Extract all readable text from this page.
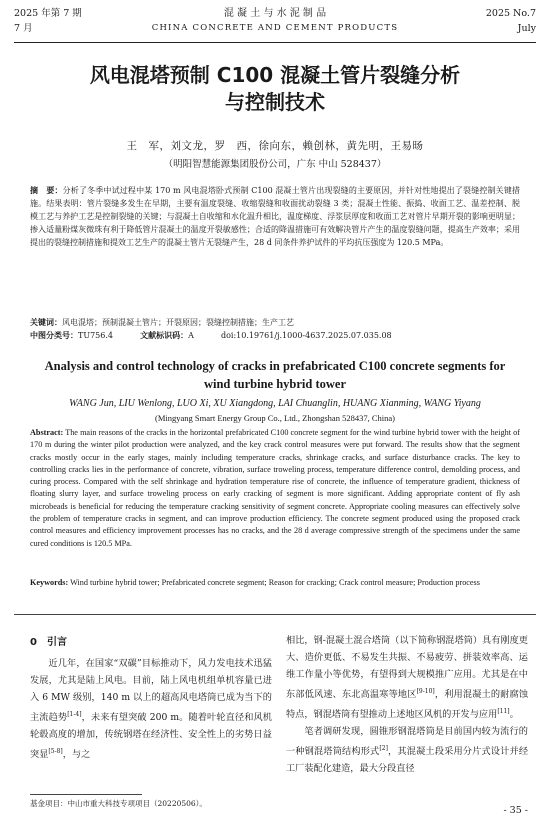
2025 年第 7 期
7 月
混 凝 土 与 水 泥 制 品
CHINA CONCRETE AND CEMENT PRODUCTS
2025 No.7
July
风电混塔预制 C100 混凝土管片裂缝分析
与控制技术
王　军，刘文龙，罗　西，徐向东，赖创林，黄先明，王易旸
（明阳智慧能源集团股份公司，广东 中山 528437）
摘　要：分析了冬季中试过程中某 170 m 风电混塔卧式预制 C100 混凝土管片出现裂缝的主要原因，并针对性地提出了裂缝控制关键措施。结果表明：管片裂缝多发生在早期，主要有温度裂缝、收缩裂缝和收面扰动裂缝 3 类；混凝土性能、振捣、收面工艺、温差控制、脱模工艺与养护工艺是控制裂缝的关键；与混凝土自收缩和水化温升相比，温度梯度、浮浆层厚度和收面工艺对管片早期开裂的影响更明显；掺入适量粉煤灰微珠有利于降低管片混凝土的温度开裂敏感性；合适的降温措施可有效解决管片产生的温度裂缝问题，提高生产效率；采用提出的裂缝控制措施和提效工艺生产的混凝土管片无裂缝产生，28 d 同条件养护试件的平均抗压强度为 120.5 MPa。
关键词：风电混塔；预制混凝土管片；开裂原因；裂缝控制措施；生产工艺
中图分类号：TU756.4	文献标识码：A	doi:10.19761/j.1000-4637.2025.07.035.08
Analysis and control technology of cracks in prefabricated C100 concrete segments for
wind turbine hybrid tower
WANG Jun, LIU Wenlong, LUO Xi, XU Xiangdong, LAI Chuanglin, HUANG Xianming, WANG Yiyang
(Mingyang Smart Energy Group Co., Ltd., Zhongshan 528437, China)
Abstract: The main reasons of the cracks in the horizontal prefabricated C100 concrete segment for the wind turbine hybrid tower with the height of 170 m during the winter pilot production were analyzed, and the key crack control measures were put forward. The results show that the segment cracks mostly occur in the early stages, mainly including temperature cracks, shrinkage cracks, and surface disturbance cracks. The key to controlling cracks lies in the performance of concrete, vibration, surface troweling process, temperature difference control, demolding process, and curing process. Compared with the self shrinkage and hydration temperature rise of concrete, the influence of temperature gradient, thickness of floating slurry layer, and surface troweling process on early cracking of segment is more significant. Adding appropriate content of fly ash microbeads is beneficial for reducing the temperature cracking sensitivity of segment concrete. Appropriate cooling measures can effectively solve the problem of temperature cracks in segment, and can improve production efficiency. The concrete segment produced using the proposed crack control measures and efficiency improvement processes has no cracks, and the 28 d average compressive strength of the specimens under the same cured conditions is 120.5 MPa.
Keywords: Wind turbine hybrid tower; Prefabricated concrete segment; Reason for cracking; Crack control measure; Production process
0　引言

近几年，在国家“双碳”目标推动下，风力发电技术迅猛发展，尤其是陆上风电。目前，陆上风电机组单机容量已进入 6 MW 级别，140 m 以上的超高风电塔筒已成为当下的主流趋势[1-4]，未来有望突破 200 m。随着叶轮直径和风机轮毂高度的增加，传统钢塔在经济性、安全性上的劣势日益突显[5-8]，与之

相比，钢-混凝土混合塔筒（以下简称钢混塔筒）具有刚度更大、造价更低、不易发生共振、不易疲劳、拼装效率高、运维工作量小等优势，有望得到大规模推广应用。尤其是在中东部低风速、东北高温寒等地区[9-10]，利用混凝土的耐腐蚀特点，钢混塔筒有望推动上述地区风机的开发与应用[11]。

笔者调研发现，圆锥形钢混塔筒是目前国内较为流行的一种钢混塔筒结构形式[2]，其混凝土段采用分片式设计并经工厂装配化建造，最大分段直径

基金项目：中山市重大科技专项项目（20220506）。
- 35 -
